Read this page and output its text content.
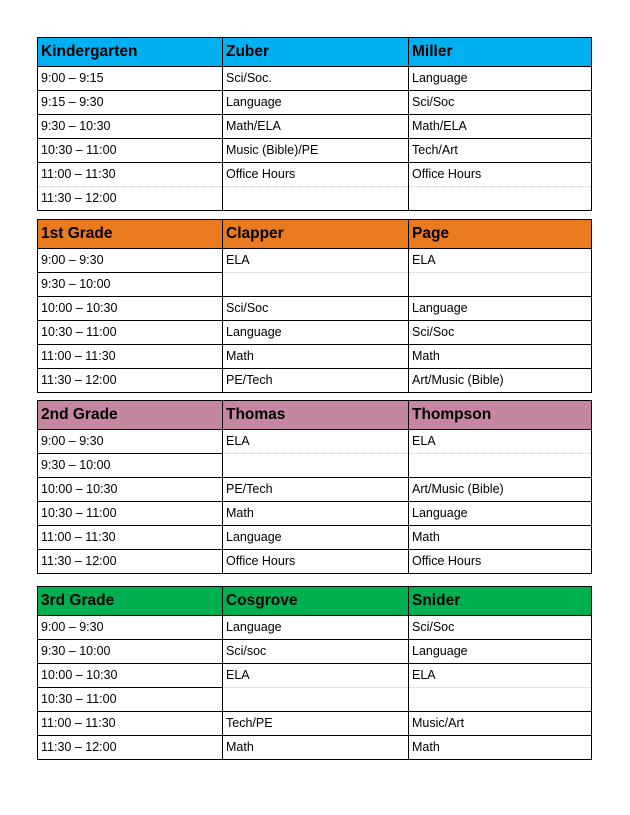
Kindergarten	Zuber	Miller
9:00 – 9:15	Sci/Soc.	Language
9:15 – 9:30	Language	Sci/Soc
9:30 – 10:30	Math/ELA	Math/ELA
10:30 – 11:00	Music (Bible)/PE	Tech/Art
11:00 – 11:30	Office Hours	Office Hours
11:30 – 12:00		
1st Grade	Clapper	Page
9:00 – 9:30	ELA	ELA
9:30 – 10:00		
10:00 – 10:30	Sci/Soc	Language
10:30 – 11:00	Language	Sci/Soc
11:00 – 11:30	Math	Math
11:30 – 12:00	PE/Tech	Art/Music (Bible)
2nd Grade	Thomas	Thompson
9:00 – 9:30	ELA	ELA
9:30 – 10:00		
10:00 – 10:30	PE/Tech	Art/Music (Bible)
10:30 – 11:00	Math	Language
11:00 – 11:30	Language	Math
11:30 – 12:00	Office Hours	Office Hours
3rd Grade	Cosgrove	Snider
9:00 – 9:30	Language	Sci/Soc
9:30 – 10:00	Sci/soc	Language
10:00 – 10:30	ELA	ELA
10:30 – 11:00		
11:00 – 11:30	Tech/PE	Music/Art
11:30 – 12:00	Math	Math
